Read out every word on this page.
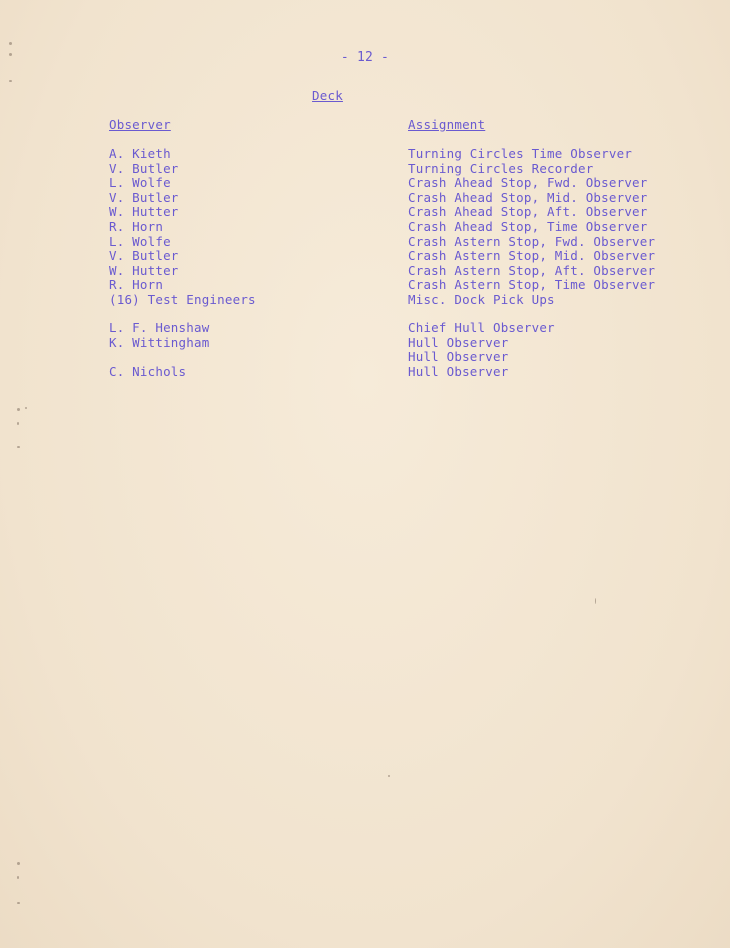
- 12 -
Deck
Observer	Assignment
A. Kieth
V. Butler
L. Wolfe
V. Butler
W. Hutter
R. Horn
L. Wolfe
V. Butler
W. Hutter
R. Horn
(16) Test Engineers
Turning Circles Time Observer
Turning Circles Recorder
Crash Ahead Stop, Fwd. Observer
Crash Ahead Stop, Mid. Observer
Crash Ahead Stop, Aft. Observer
Crash Ahead Stop, Time Observer
Crash Astern Stop, Fwd. Observer
Crash Astern Stop, Mid. Observer
Crash Astern Stop, Aft. Observer
Crash Astern Stop, Time Observer
Misc. Dock Pick Ups
L. F. Henshaw
K. Wittingham
C. Nichols
Chief Hull Observer
Hull Observer
Hull Observer
Hull Observer
